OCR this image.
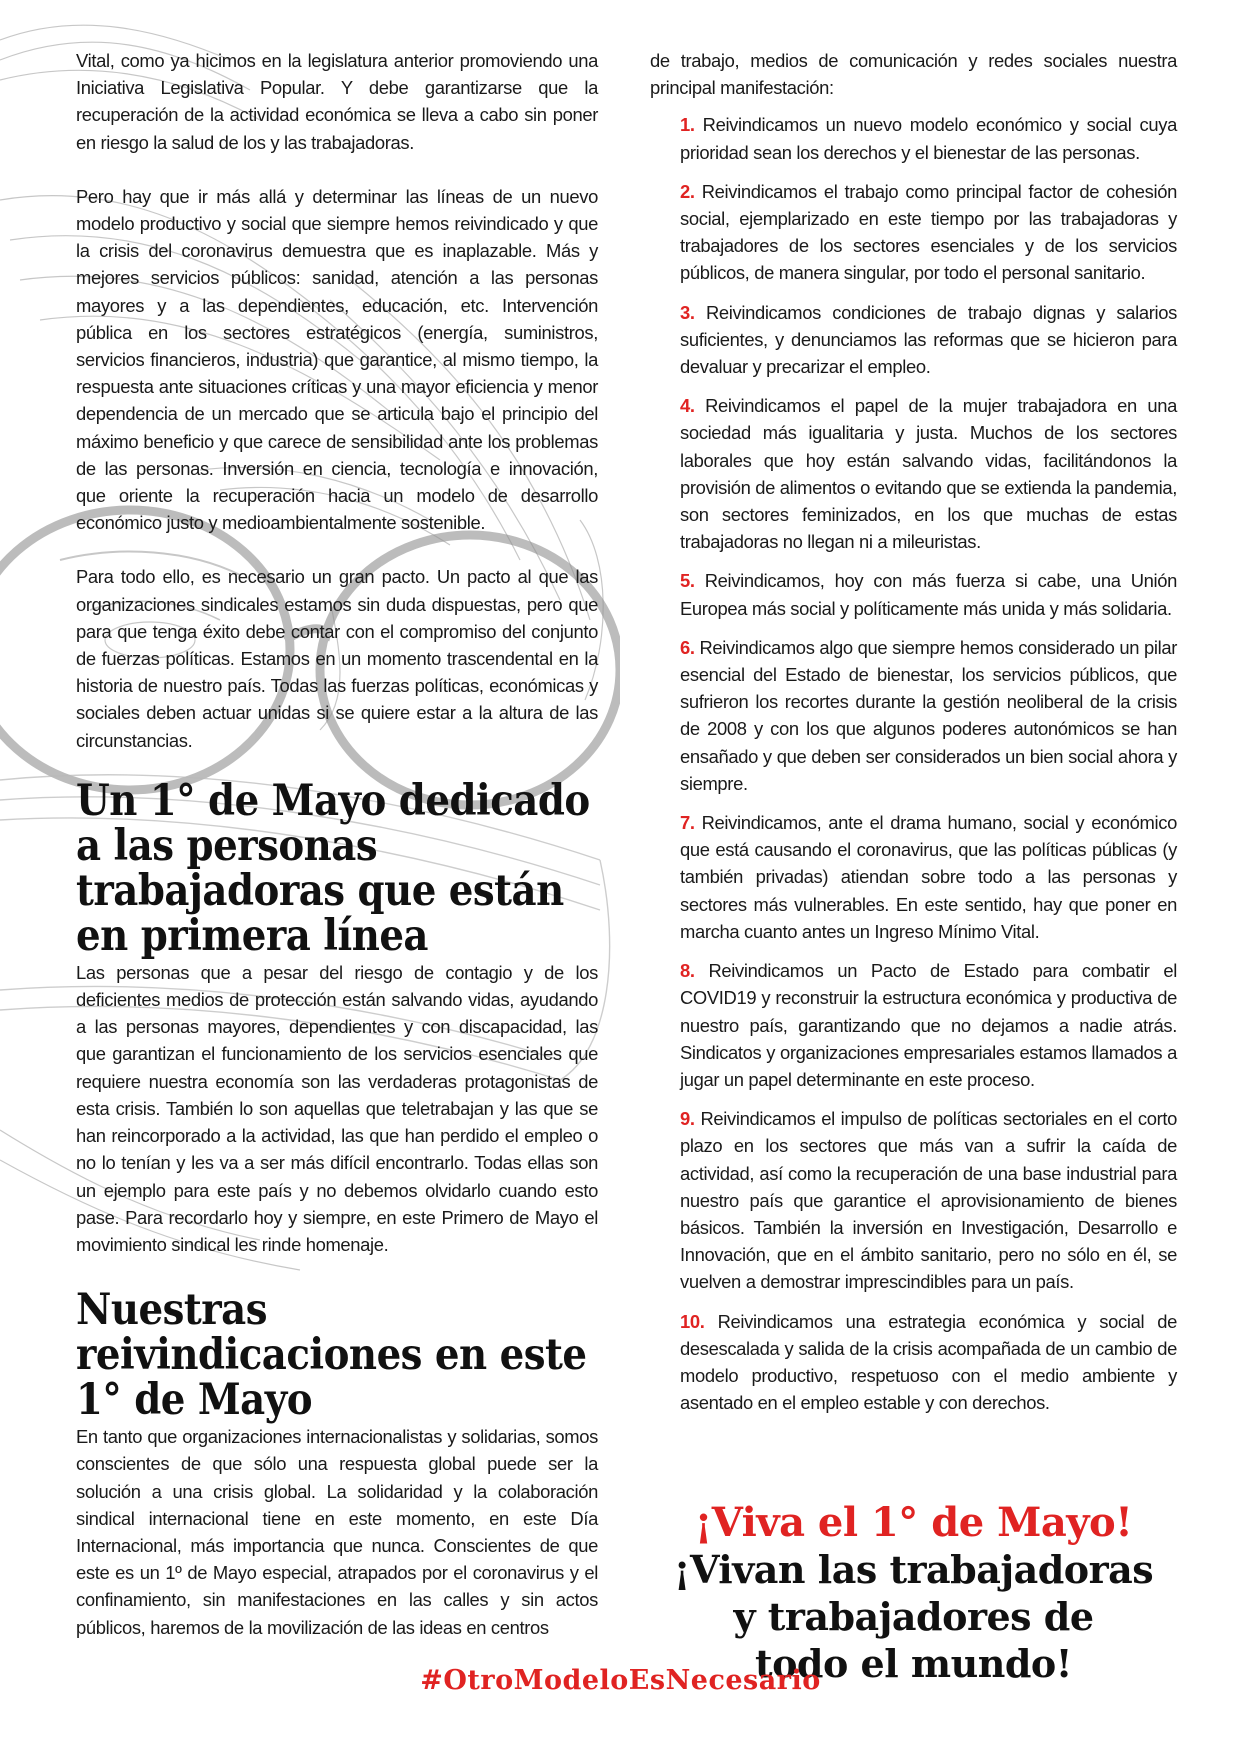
Vital, como ya hicimos en la legislatura anterior promoviendo una Iniciativa Legislativa Popular. Y debe garantizarse que la recuperación de la actividad económica se lleva a cabo sin poner en riesgo la salud de los y las trabajadoras.

Pero hay que ir más allá y determinar las líneas de un nuevo modelo productivo y social que siempre hemos reivindicado y que la crisis del coronavirus demuestra que es inaplazable. Más y mejores servicios públicos: sanidad, atención a las personas mayores y a las dependientes, educación, etc. Intervención pública en los sectores estratégicos (energía, suministros, servicios financieros, industria) que garantice, al mismo tiempo, la respuesta ante situaciones críticas y una mayor eficiencia y menor dependencia de un mercado que se articula bajo el principio del máximo beneficio y que carece de sensibilidad ante los problemas de las personas. Inversión en ciencia, tecnología e innovación, que oriente la recuperación hacia un modelo de desarrollo económico justo y medioambientalmente sostenible.

Para todo ello, es necesario un gran pacto. Un pacto al que las organizaciones sindicales estamos sin duda dispuestas, pero que para que tenga éxito debe contar con el compromiso del conjunto de fuerzas políticas. Estamos en un momento trascendental en la historia de nuestro país. Todas las fuerzas políticas, económicas y sociales deben actuar unidas si se quiere estar a la altura de las circunstancias.

Un 1° de Mayo dedicado a las personas trabajadoras que están en primera línea

Las personas que a pesar del riesgo de contagio y de los deficientes medios de protección están salvando vidas, ayudando a las personas mayores, dependientes y con discapacidad, las que garantizan el funcionamiento de los servicios esenciales que requiere nuestra economía son las verdaderas protagonistas de esta crisis. También lo son aquellas que teletrabajan y las que se han reincorporado a la actividad, las que han perdido el empleo o no lo tenían y les va a ser más difícil encontrarlo. Todas ellas son un ejemplo para este país y no debemos olvidarlo cuando esto pase. Para recordarlo hoy y siempre, en este Primero de Mayo el movimiento sindical les rinde homenaje.

Nuestras reivindicaciones en este 1° de Mayo

En tanto que organizaciones internacionalistas y solidarias, somos conscientes de que sólo una respuesta global puede ser la solución a una crisis global. La solidaridad y la colaboración sindical internacional tiene en este momento, en este Día Internacional, más importancia que nunca. Conscientes de que este es un 1º de Mayo especial, atrapados por el coronavirus y el confinamiento, sin manifestaciones en las calles y sin actos públicos, haremos de la movilización de las ideas en centros

de trabajo, medios de comunicación y redes sociales nuestra principal manifestación:

1. Reivindicamos un nuevo modelo económico y social cuya prioridad sean los derechos y el bienestar de las personas.
2. Reivindicamos el trabajo como principal factor de cohesión social, ejemplarizado en este tiempo por las trabajadoras y trabajadores de los sectores esenciales y de los servicios públicos, de manera singular, por todo el personal sanitario.
3. Reivindicamos condiciones de trabajo dignas y salarios suficientes, y denunciamos las reformas que se hicieron para devaluar y precarizar el empleo.
4. Reivindicamos el papel de la mujer trabajadora en una sociedad más igualitaria y justa. Muchos de los sectores laborales que hoy están salvando vidas, facilitándonos la provisión de alimentos o evitando que se extienda la pandemia, son sectores feminizados, en los que muchas de estas trabajadoras no llegan ni a mileuristas.
5. Reivindicamos, hoy con más fuerza si cabe, una Unión Europea más social y políticamente más unida y más solidaria.
6. Reivindicamos algo que siempre hemos considerado un pilar esencial del Estado de bienestar, los servicios públicos, que sufrieron los recortes durante la gestión neoliberal de la crisis de 2008 y con los que algunos poderes autonómicos se han ensañado y que deben ser considerados un bien social ahora y siempre.
7. Reivindicamos, ante el drama humano, social y económico que está causando el coronavirus, que las políticas públicas (y también privadas) atiendan sobre todo a las personas y sectores más vulnerables. En este sentido, hay que poner en marcha cuanto antes un Ingreso Mínimo Vital.
8. Reivindicamos un Pacto de Estado para combatir el COVID19 y reconstruir la estructura económica y productiva de nuestro país, garantizando que no dejamos a nadie atrás. Sindicatos y organizaciones empresariales estamos llamados a jugar un papel determinante en este proceso.
9. Reivindicamos el impulso de políticas sectoriales en el corto plazo en los sectores que más van a sufrir la caída de actividad, así como la recuperación de una base industrial para nuestro país que garantice el aprovisionamiento de bienes básicos. También la inversión en Investigación, Desarrollo e Innovación, que en el ámbito sanitario, pero no sólo en él, se vuelven a demostrar imprescindibles para un país.
10. Reivindicamos una estrategia económica y social de desescalada y salida de la crisis acompañada de un cambio de modelo productivo, respetuoso con el medio ambiente y asentado en el empleo estable y con derechos.
¡Viva el 1° de Mayo!
¡Vivan las trabajadoras
y trabajadores de
todo el mundo!
#OtroModeloEsNecesario
